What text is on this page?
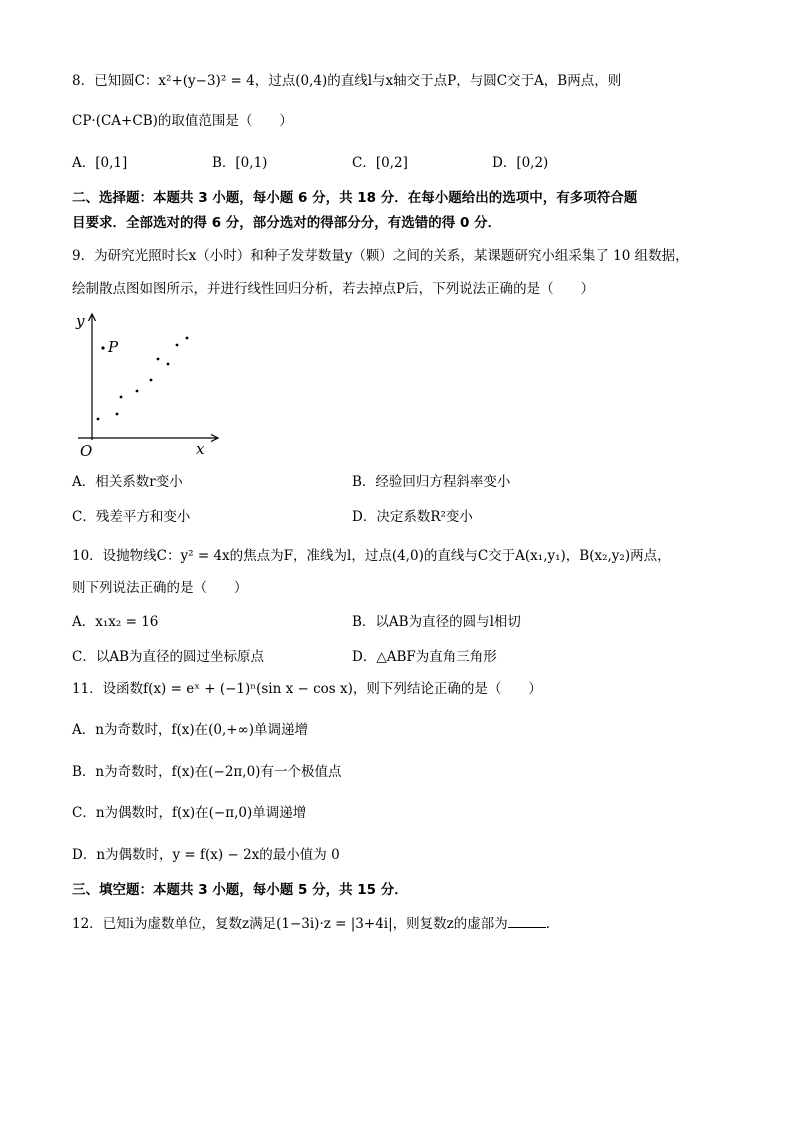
8．已知圆C：x²+(y−3)² = 4，过点(0,4)的直线l与x轴交于点P，与圆C交于A，B两点，则
CP·(CA+CB)的取值范围是（　　）
A．[0,1]	B．[0,1)	C．[0,2]	D．[0,2)
二、选择题：本题共 3 小题，每小题 6 分，共 18 分．在每小题给出的选项中，有多项符合题
目要求．全部选对的得 6 分，部分选对的得部分分，有选错的得 0 分．
9．为研究光照时长x（小时）和种子发芽数量y（颗）之间的关系，某课题研究小组采集了 10 组数据，
绘制散点图如图所示，并进行线性回归分析，若去掉点P后，下列说法正确的是（　　）
y
x
O
P
A．相关系数r变小	B．经验回归方程斜率变小
C．残差平方和变小	D．决定系数R²变小
10．设抛物线C：y² = 4x的焦点为F，准线为l，过点(4,0)的直线与C交于A(x₁,y₁)，B(x₂,y₂)两点，
则下列说法正确的是（　　）
A．x₁x₂ = 16	B．以AB为直径的圆与l相切
C．以AB为直径的圆过坐标原点	D．△ABF为直角三角形
11．设函数f(x) = eˣ + (−1)ⁿ(sin x − cos x)，则下列结论正确的是（　　）
A．n为奇数时，f(x)在(0,+∞)单调递增
B．n为奇数时，f(x)在(−2π,0)有一个极值点
C．n为偶数时，f(x)在(−π,0)单调递增
D．n为偶数时，y = f(x) − 2x的最小值为 0
三、填空题：本题共 3 小题，每小题 5 分，共 15 分．
12．已知i为虚数单位，复数z满足(1−3i)·z = |3+4i|，则复数z的虚部为	．
